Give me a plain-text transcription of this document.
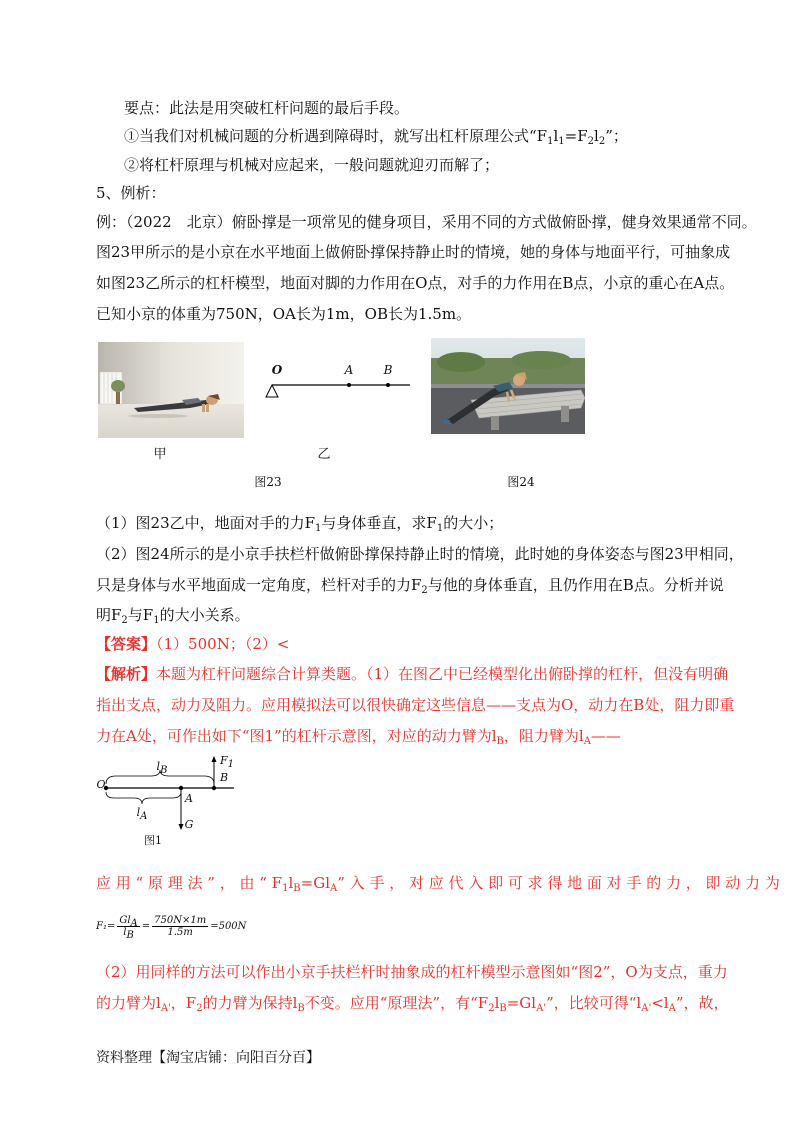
要点：此法是用突破杠杆问题的最后手段。
①当我们对机械问题的分析遇到障碍时，就写出杠杆原理公式“$F_1l_1=F_2l_2$”；
②将杠杆原理与机械对应起来，一般问题就迎刃而解了；
5、例析：
例：（2022　北京）俯卧撑是一项常见的健身项目，采用不同的方式做俯卧撑，健身效果通常不同。
图23甲所示的是小京在水平地面上做俯卧撑保持静止时的情境，她的身体与地面平行，可抽象成
如图23乙所示的杠杆模型，地面对脚的力作用在O点，对手的力作用在B点，小京的重心在A点。
已知小京的体重为750N，OA长为1m，OB长为1.5m。
甲
O	A	B
乙
图23	图24
（1）图23乙中，地面对手的力$F_1$与身体垂直，求$F_1$的大小；
（2）图24所示的是小京手扶栏杆做俯卧撑保持静止时的情境，此时她的身体姿态与图23甲相同，
只是身体与水平地面成一定角度，栏杆对手的力$F_2$与他的身体垂直，且仍作用在B点。分析并说
明$F_2$与$F_1$的大小关系。
【答案】（1）500N；（2）<
【解析】本题为杠杆问题综合计算类题。（1）在图乙中已经模型化出俯卧撑的杠杆，但没有明确
指出支点，动力及阻力。应用模拟法可以很快确定这些信息——支点为O，动力在B处，阻力即重
力在A处，可作出如下“图1”的杠杆示意图，对应的动力臂为$l_B$，阻力臂为$l_A——$
O
A
B
$F_1$
$l_B$
$l_A$
G
图1
应 用 “ 原 理 法 ” ， 由 “ $F_1l_B=Gl_A$” 入 手 ， 对 应 代 入 即 可 求 得 地 面 对 手 的 力 ， 即 动 力 为
F₁=
$Gl_A$
$l_B$
= $\frac{750N\times 1m}{1.5m} =500N$
（2）用同样的方法可以作出小京手扶栏杆时抽象成的杠杆模型示意图如“图2”，O为支点，重力
的力臂为$l_{A'}$，$F_2$的力臂为保持$l_B$不变。应用“原理法”，有“$F_2l_B=Gl_{A'}$”，比较可得“$l_{A'}<l_A$”，故，
资料整理【淘宝店铺：向阳百分百】
